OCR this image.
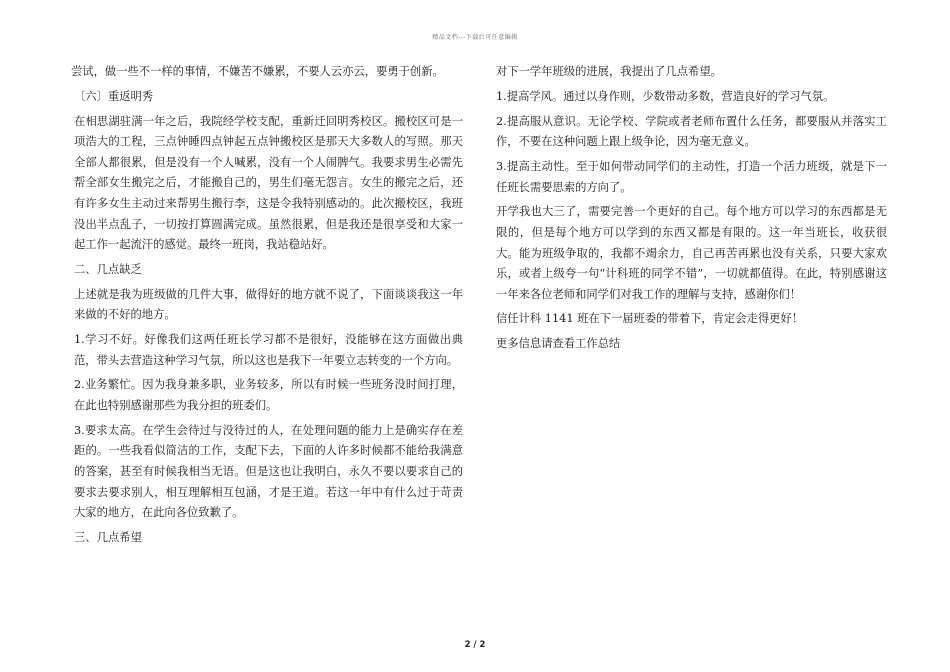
精品文档---下载后可任意编辑

尝试，做一些不一样的事情，不嫌苦不嫌累，不要人云亦云，要勇于创新。

〔六〕重返明秀

在相思湖驻满一年之后，我院经学校支配，重新迁回明秀校区。搬校区可是一项浩大的工程，三点钟睡四点钟起五点钟搬校区是那天大多数人的写照。那天全部人都很累，但是没有一个人喊累，没有一个人闹脾气。我要求男生必需先帮全部女生搬完之后，才能搬自己的，男生们毫无怨言。女生的搬完之后，还有许多女生主动过来帮男生搬行李，这是令我特别感动的。此次搬校区，我班没出半点乱子，一切按打算圆满完成。虽然很累，但是我还是很享受和大家一起工作一起流汗的感觉。最终一班岗，我站稳站好。

二、几点缺乏

上述就是我为班级做的几件大事，做得好的地方就不说了，下面谈谈我这一年来做的不好的地方。

1.学习不好。好像我们这两任班长学习都不是很好，没能够在这方面做出典范，带头去营造这种学习气氛，所以这也是我下一年要立志转变的一个方向。

2.业务繁忙。因为我身兼多职，业务较多，所以有时候一些班务没时间打理，在此也特别感谢那些为我分担的班委们。

3.要求太高。在学生会待过与没待过的人，在处理问题的能力上是确实存在差距的。一些我看似简洁的工作，支配下去，下面的人许多时候都不能给我满意的答案，甚至有时候我相当无语。但是这也让我明白，永久不要以要求自己的要求去要求别人，相互理解相互包涵，才是王道。若这一年中有什么过于苛责大家的地方，在此向各位致歉了。

三、几点希望

对下一学年班级的进展，我提出了几点希望。

1.提高学风。通过以身作则，少数带动多数，营造良好的学习气氛。

2.提高服从意识。无论学校、学院或者老师布置什么任务，都要服从并落实工作，不要在这种问题上跟上级争论，因为毫无意义。

3.提高主动性。至于如何带动同学们的主动性，打造一个活力班级，就是下一任班长需要思索的方向了。

开学我也大三了，需要完善一个更好的自己。每个地方可以学习的东西都是无限的，但是每个地方可以学到的东西又都是有限的。这一年当班长，收获很大。能为班级争取的，我都不竭余力，自己再苦再累也没有关系，只要大家欢乐，或者上级夸一句“计科班的同学不错”，一切就都值得。在此，特别感谢这一年来各位老师和同学们对我工作的理解与支持，感谢你们！

信任计科 1141 班在下一届班委的带着下，肯定会走得更好！

更多信息请查看工作总结

2 / 2
